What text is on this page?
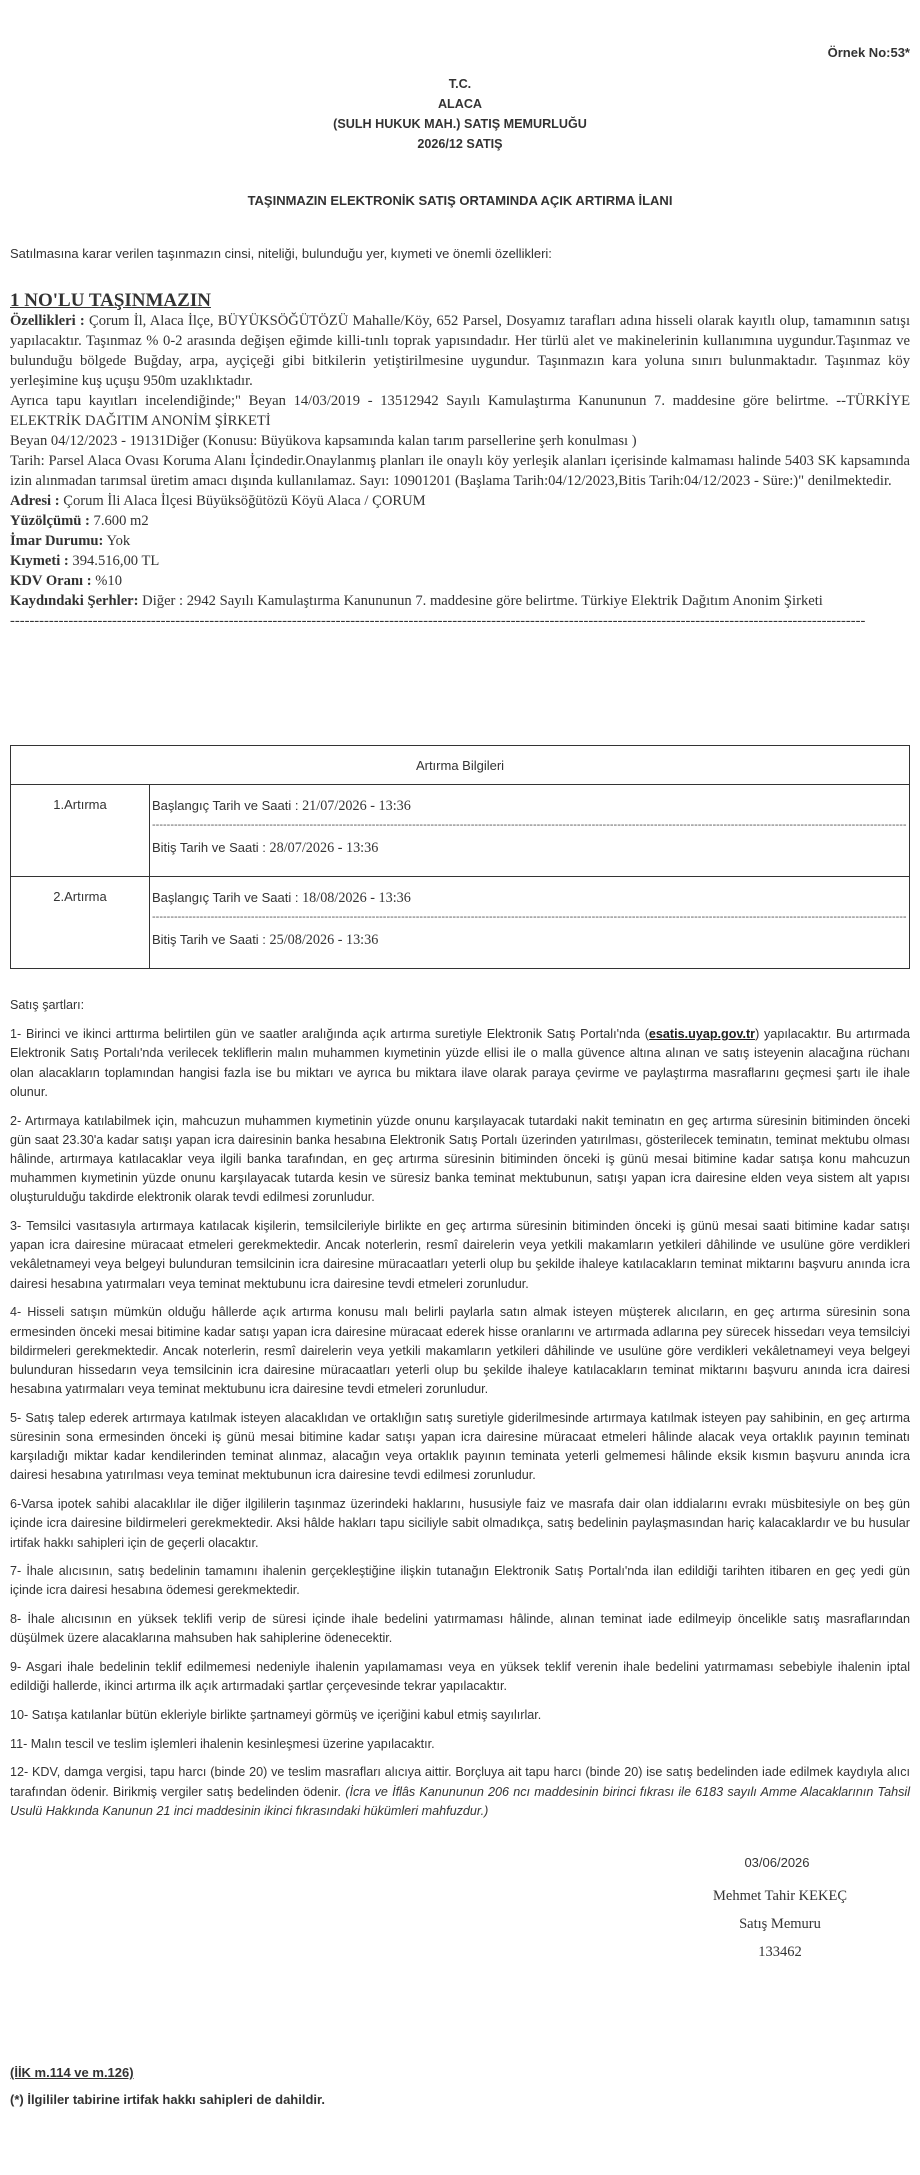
Örnek No:53*
T.C.
ALACA
(SULH HUKUK MAH.) SATIŞ MEMURLUĞU
2026/12 SATIŞ
TAŞINMAZIN ELEKTRONİK SATIŞ ORTAMINDA AÇIK ARTIRMA İLANI
Satılmasına karar verilen taşınmazın cinsi, niteliği, bulunduğu yer, kıymeti ve önemli özellikleri:
1 NO'LU TAŞINMAZIN
Özellikleri : Çorum İl, Alaca İlçe, BÜYÜKSÖĞÜTÖZÜ Mahalle/Köy, 652 Parsel, Dosyamız tarafları adına hisseli olarak kayıtlı olup, tamamının satışı yapılacaktır. Taşınmaz % 0-2 arasında değişen eğimde killi-tınlı toprak yapısındadır. Her türlü alet ve makinelerinin kullanımına uygundur.Taşınmaz ve bulunduğu bölgede Buğday, arpa, ayçiçeği gibi bitkilerin yetiştirilmesine uygundur. Taşınmazın kara yoluna sınırı bulunmaktadır. Taşınmaz köy yerleşimine kuş uçuşu 950m uzaklıktadır.
Ayrıca tapu kayıtları incelendiğinde;" Beyan 14/03/2019 - 13512942 Sayılı Kamulaştırma Kanununun 7. maddesine göre belirtme. --TÜRKİYE ELEKTRİK DAĞITIM ANONİM ŞİRKETİ
Beyan 04/12/2023 - 19131Diğer (Konusu: Büyükova kapsamında kalan tarım parsellerine şerh konulması )
Tarih: Parsel Alaca Ovası Koruma Alanı İçindedir.Onaylanmış planları ile onaylı köy yerleşik alanları içerisinde kalmaması halinde 5403 SK kapsamında izin alınmadan tarımsal üretim amacı dışında kullanılamaz. Sayı: 10901201 (Başlama Tarih:04/12/2023,Bitis Tarih:04/12/2023 - Süre:)" denilmektedir.
Adresi : Çorum İli Alaca İlçesi Büyüksöğütözü Köyü Alaca / ÇORUM
Yüzölçümü : 7.600 m2
İmar Durumu: Yok
Kıymeti : 394.516,00 TL
KDV Oranı : %10
Kaydındaki Şerhler: Diğer : 2942 Sayılı Kamulaştırma Kanununun 7. maddesine göre belirtme. Türkiye Elektrik Dağıtım Anonim Şirketi
--------------------------------------------------------------------------------------------------------------------------------------------------------------------------------
Artırma Bilgileri	
1.Artırma	Başlangıç Tarih ve Saati : 21/07/2026 - 13:36
--------------------------------------------------------------------------------------------------------------------------------------------------------------------------------------------------------------
Bitiş Tarih ve Saati : 28/07/2026 - 13:36

2.Artırma	Başlangıç Tarih ve Saati : 18/08/2026 - 13:36
--------------------------------------------------------------------------------------------------------------------------------------------------------------------------------------------------------------
Bitiş Tarih ve Saati : 25/08/2026 - 13:36

Satış şartları:

1- Birinci ve ikinci arttırma belirtilen gün ve saatler aralığında açık artırma suretiyle Elektronik Satış Portalı'nda (esatis.uyap.gov.tr) yapılacaktır. Bu artırmada Elektronik Satış Portalı'nda verilecek tekliflerin malın muhammen kıymetinin yüzde ellisi ile o malla güvence altına alınan ve satış isteyenin alacağına rüchanı olan alacakların toplamından hangisi fazla ise bu miktarı ve ayrıca bu miktara ilave olarak paraya çevirme ve paylaştırma masraflarını geçmesi şartı ile ihale olunur.

2- Artırmaya katılabilmek için, mahcuzun muhammen kıymetinin yüzde onunu karşılayacak tutardaki nakit teminatın en geç artırma süresinin bitiminden önceki gün saat 23.30'a kadar satışı yapan icra dairesinin banka hesabına Elektronik Satış Portalı üzerinden yatırılması, gösterilecek teminatın, teminat mektubu olması hâlinde, artırmaya katılacaklar veya ilgili banka tarafından, en geç artırma süresinin bitiminden önceki iş günü mesai bitimine kadar satışa konu mahcuzun muhammen kıymetinin yüzde onunu karşılayacak tutarda kesin ve süresiz banka teminat mektubunun, satışı yapan icra dairesine elden veya sistem alt yapısı oluşturulduğu takdirde elektronik olarak tevdi edilmesi zorunludur.

3- Temsilci vasıtasıyla artırmaya katılacak kişilerin, temsilcileriyle birlikte en geç artırma süresinin bitiminden önceki iş günü mesai saati bitimine kadar satışı yapan icra dairesine müracaat etmeleri gerekmektedir. Ancak noterlerin, resmî dairelerin veya yetkili makamların yetkileri dâhilinde ve usulüne göre verdikleri vekâletnameyi veya belgeyi bulunduran temsilcinin icra dairesine müracaatları yeterli olup bu şekilde ihaleye katılacakların teminat miktarını başvuru anında icra dairesi hesabına yatırmaları veya teminat mektubunu icra dairesine tevdi etmeleri zorunludur.

4- Hisseli satışın mümkün olduğu hâllerde açık artırma konusu malı belirli paylarla satın almak isteyen müşterek alıcıların, en geç artırma süresinin sona ermesinden önceki mesai bitimine kadar satışı yapan icra dairesine müracaat ederek hisse oranlarını ve artırmada adlarına pey sürecek hissedarı veya temsilciyi bildirmeleri gerekmektedir. Ancak noterlerin, resmî dairelerin veya yetkili makamların yetkileri dâhilinde ve usulüne göre verdikleri vekâletnameyi veya belgeyi bulunduran hissedarın veya temsilcinin icra dairesine müracaatları yeterli olup bu şekilde ihaleye katılacakların teminat miktarını başvuru anında icra dairesi hesabına yatırmaları veya teminat mektubunu icra dairesine tevdi etmeleri zorunludur.

5- Satış talep ederek artırmaya katılmak isteyen alacaklıdan ve ortaklığın satış suretiyle giderilmesinde artırmaya katılmak isteyen pay sahibinin, en geç artırma süresinin sona ermesinden önceki iş günü mesai bitimine kadar satışı yapan icra dairesine müracaat etmeleri hâlinde alacak veya ortaklık payının teminatı karşıladığı miktar kadar kendilerinden teminat alınmaz, alacağın veya ortaklık payının teminata yeterli gelmemesi hâlinde eksik kısmın başvuru anında icra dairesi hesabına yatırılması veya teminat mektubunun icra dairesine tevdi edilmesi zorunludur.

6-Varsa ipotek sahibi alacaklılar ile diğer ilgililerin taşınmaz üzerindeki haklarını, hususiyle faiz ve masrafa dair olan iddialarını evrakı müsbitesiyle on beş gün içinde icra dairesine bildirmeleri gerekmektedir. Aksi hâlde hakları tapu siciliyle sabit olmadıkça, satış bedelinin paylaşmasından hariç kalacaklardır ve bu husular irtifak hakkı sahipleri için de geçerli olacaktır.

7- İhale alıcısının, satış bedelinin tamamını ihalenin gerçekleştiğine ilişkin tutanağın Elektronik Satış Portalı'nda ilan edildiği tarihten itibaren en geç yedi gün içinde icra dairesi hesabına ödemesi gerekmektedir.

8- İhale alıcısının en yüksek teklifi verip de süresi içinde ihale bedelini yatırmaması hâlinde, alınan teminat iade edilmeyip öncelikle satış masraflarından düşülmek üzere alacaklarına mahsuben hak sahiplerine ödenecektir.

9- Asgari ihale bedelinin teklif edilmemesi nedeniyle ihalenin yapılamaması veya en yüksek teklif verenin ihale bedelini yatırmaması sebebiyle ihalenin iptal edildiği hallerde, ikinci artırma ilk açık artırmadaki şartlar çerçevesinde tekrar yapılacaktır.

10- Satışa katılanlar bütün ekleriyle birlikte şartnameyi görmüş ve içeriğini kabul etmiş sayılırlar.

11- Malın tescil ve teslim işlemleri ihalenin kesinleşmesi üzerine yapılacaktır.

12- KDV, damga vergisi, tapu harcı (binde 20) ve teslim masrafları alıcıya aittir. Borçluya ait tapu harcı (binde 20) ise satış bedelinden iade edilmek kaydıyla alıcı tarafından ödenir. Birikmiş vergiler satış bedelinden ödenir. (İcra ve İflâs Kanununun 206 ncı maddesinin birinci fıkrası ile 6183 sayılı Amme Alacaklarının Tahsil Usulü Hakkında Kanunun 21 inci maddesinin ikinci fıkrasındaki hükümleri mahfuzdur.)

03/06/2026
Mehmet Tahir KEKEÇ
Satış Memuru
133462
(İİK m.114 ve m.126)
(*) İlgililer tabirine irtifak hakkı sahipleri de dahildir.
